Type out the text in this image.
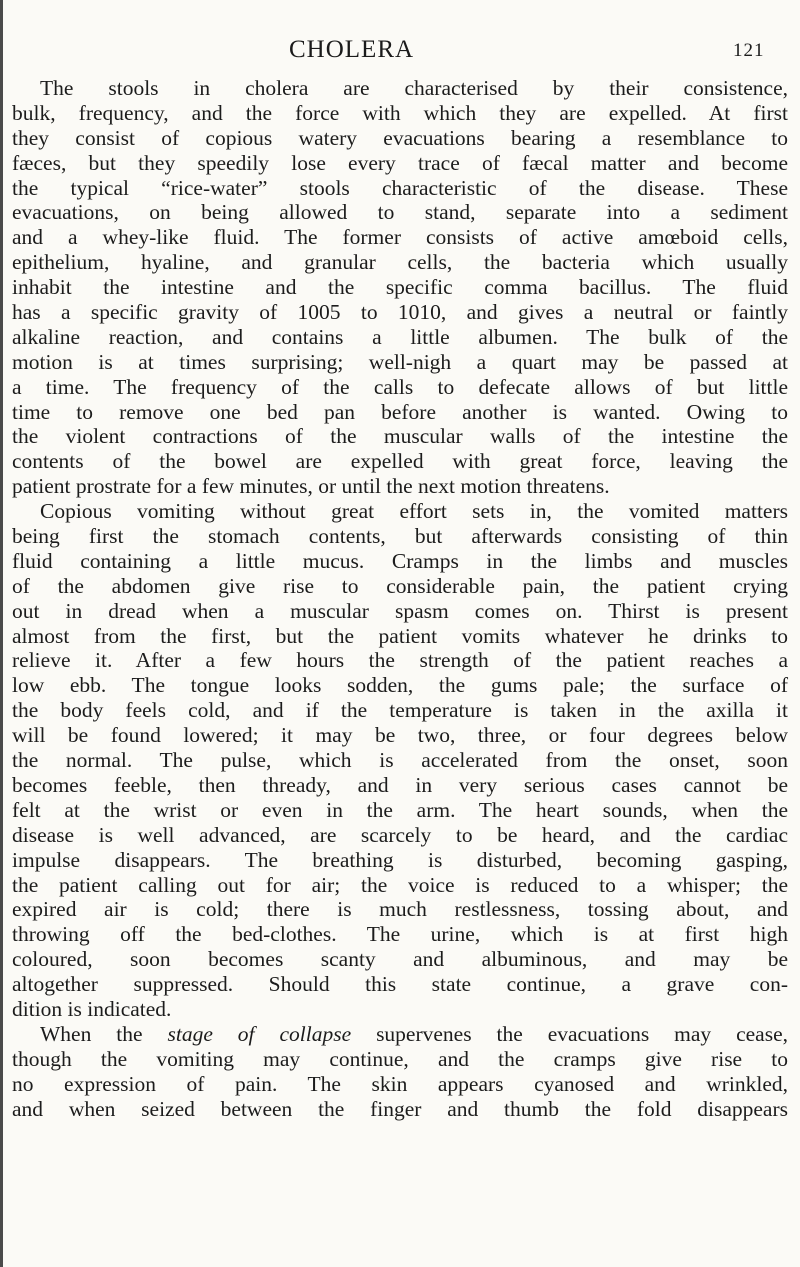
CHOLERA	121
The stools in cholera are characterised by their consistence,
bulk, frequency, and the force with which they are expelled. At first
they consist of copious watery evacuations bearing a resemblance to
fæces, but they speedily lose every trace of fæcal matter and become
the typical “rice-water” stools characteristic of the disease. These
evacuations, on being allowed to stand, separate into a sediment
and a whey-like fluid. The former consists of active amœboid cells,
epithelium, hyaline, and granular cells, the bacteria which usually
inhabit the intestine and the specific comma bacillus. The fluid
has a specific gravity of 1005 to 1010, and gives a neutral or faintly
alkaline reaction, and contains a little albumen. The bulk of the
motion is at times surprising; well-nigh a quart may be passed at
a time. The frequency of the calls to defecate allows of but little
time to remove one bed pan before another is wanted. Owing to
the violent contractions of the muscular walls of the intestine the
contents of the bowel are expelled with great force, leaving the
patient prostrate for a few minutes, or until the next motion threatens.
Copious vomiting without great effort sets in, the vomited matters
being first the stomach contents, but afterwards consisting of thin
fluid containing a little mucus. Cramps in the limbs and muscles
of the abdomen give rise to considerable pain, the patient crying
out in dread when a muscular spasm comes on. Thirst is present
almost from the first, but the patient vomits whatever he drinks to
relieve it. After a few hours the strength of the patient reaches a
low ebb. The tongue looks sodden, the gums pale; the surface of
the body feels cold, and if the temperature is taken in the axilla it
will be found lowered; it may be two, three, or four degrees below
the normal. The pulse, which is accelerated from the onset, soon
becomes feeble, then thready, and in very serious cases cannot be
felt at the wrist or even in the arm. The heart sounds, when the
disease is well advanced, are scarcely to be heard, and the cardiac
impulse disappears. The breathing is disturbed, becoming gasping,
the patient calling out for air; the voice is reduced to a whisper; the
expired air is cold; there is much restlessness, tossing about, and
throwing off the bed-clothes. The urine, which is at first high
coloured, soon becomes scanty and albuminous, and may be
altogether suppressed. Should this state continue, a grave con-
dition is indicated.
When the stage of collapse supervenes the evacuations may cease,
though the vomiting may continue, and the cramps give rise to
no expression of pain. The skin appears cyanosed and wrinkled,
and when seized between the finger and thumb the fold disappears
